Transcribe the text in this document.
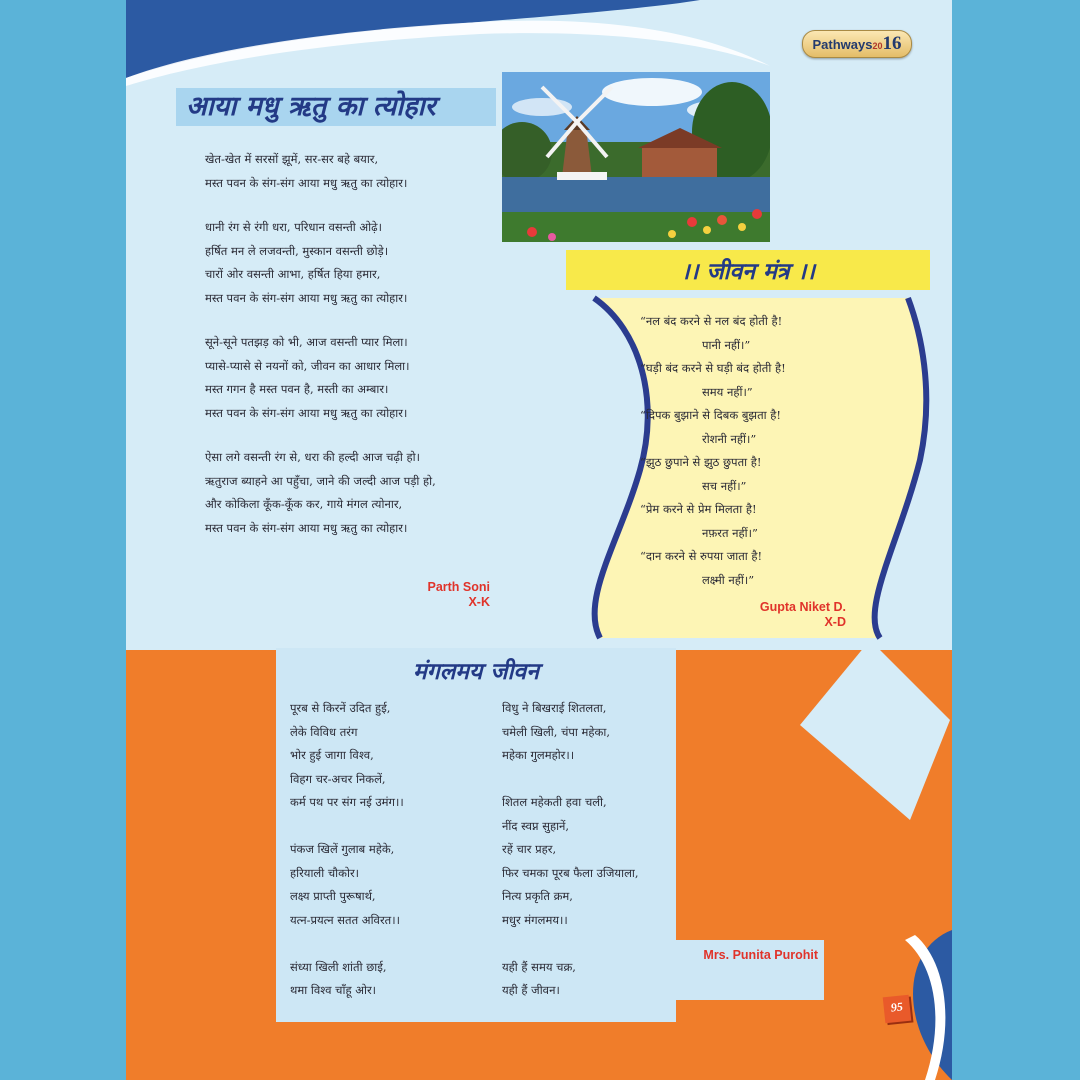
Pathways2016
आया मधु ऋतु का त्योहार
खेत-खेत में सरसों झूमें, सर-सर बहे बयार,
मस्त पवन के संग-संग आया मधु ऋतु का त्योहार।
धानी रंग से रंगी धरा, परिधान वसन्ती ओढ़े।
हर्षित मन ले लजवन्ती, मुस्कान वसन्ती छोड़े।
चारों ओर वसन्ती आभा, हर्षित हिया हमार,
मस्त पवन के संग-संग आया मधु ऋतु का त्योहार।
सूने-सूने पतझड़ को भी, आज वसन्ती प्यार मिला।
प्यासे-प्यासे से नयनों को, जीवन का आधार मिला।
मस्त गगन है मस्त पवन है, मस्ती का अम्बार।
मस्त पवन के संग-संग आया मधु ऋतु का त्योहार।
ऐसा लगे वसन्ती रंग से, धरा की हल्दी आज चढ़ी हो।
ऋतुराज ब्याहने आ पहुँचा, जाने की जल्दी आज पड़ी हो,
और कोकिला कूँक-कूँक कर, गाये मंगल त्योनार,
मस्त पवन के संग-संग आया मधु ऋतु का त्योहार।
Parth Soni
X-K
।। जीवन मंत्र ।।
“नल बंद करने से नल बंद होती है!
पानी नहीं।”
“घड़ी बंद करने से घड़ी बंद होती है!
समय नहीं।”
“दिपक बुझाने से दिबक बुझता है!
रोशनी नहीं।”
“झुठ छुपाने से झुठ छुपता है!
सच नहीं।”
“प्रेम करने से प्रेम मिलता है!
नफ़रत नहीं।”
“दान करने से रुपया जाता है!
लक्ष्मी नहीं।”
Gupta Niket D.
X-D
मंगलमय जीवन
पूरब से किरनें उदित हुई,
लेके विविध तरंग
भोर हुई जागा विश्व,
विहग चर-अचर निकलें,
कर्म पथ पर संग नई उमंग।।
पंकज खिलें गुलाब महेके,
हरियाली चौकोर।
लक्ष्य प्राप्ती पुरूषार्थ,
यत्न-प्रयत्न सतत अविरत।।
संध्या खिली शांती छाई,
थमा विश्व चाँहू ओर।
विधु ने बिखराई शितलता,
चमेली खिली, चंपा महेका,
महेका गुलमहोर।।
शितल महेकती हवा चली,
नींद स्वप्न सुहानें,
रहें चार प्रहर,
फिर चमका पूरब फैला उजियाला,
नित्य प्रकृति क्रम,
मधुर मंगलमय।।
यही हैं समय चक्र,
यही हैं जीवन।
Mrs. Punita Purohit
95
